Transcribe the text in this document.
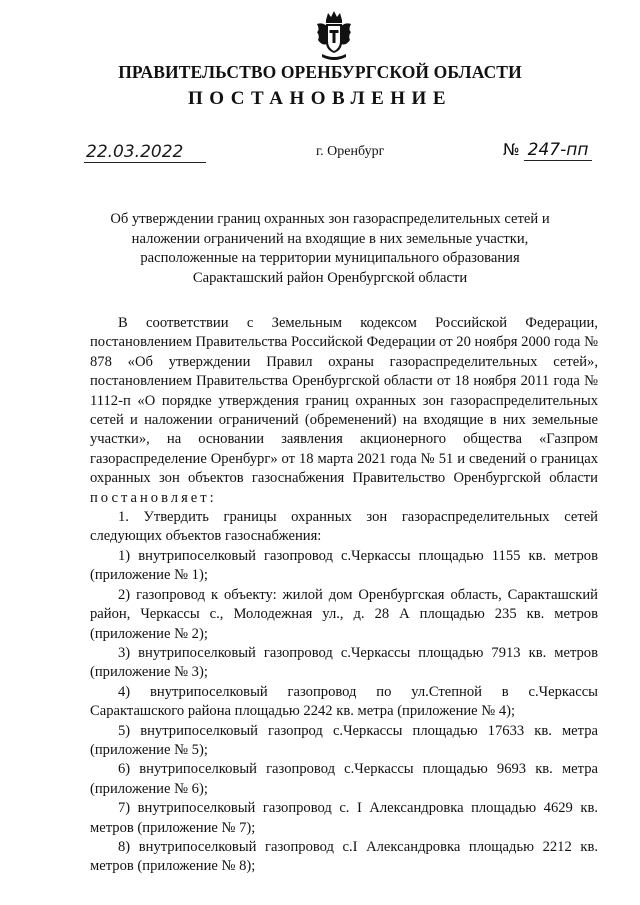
ПРАВИТЕЛЬСТВО ОРЕНБУРГСКОЙ ОБЛАСТИ
ПОСТАНОВЛЕНИЕ
22.03.2022	г. Оренбург	№ 247-пп
Об утверждении границ охранных зон газораспределительных сетей и
наложении ограничений на входящие в них земельные участки,
расположенные на территории муниципального образования
Саракташский район Оренбургской области

В соответствии с Земельным кодексом Российской Федерации, постановлением Правительства Российской Федерации от 20 ноября 2000 года № 878 «Об утверждении Правил охраны газораспределительных сетей», постановлением Правительства Оренбургской области от 18 ноября 2011 года № 1112-п «О порядке утверждения границ охранных зон газораспределительных сетей и наложении ограничений (обременений) на входящие в них земельные участки», на основании заявления акционерного общества «Газпром газораспределение Оренбург» от 18 марта 2021 года № 51 и сведений о границах охранных зон объектов газоснабжения Правительство Оренбургской области постановляет:

1. Утвердить границы охранных зон газораспределительных сетей следующих объектов газоснабжения:

1) внутрипоселковый газопровод с.Черкассы площадью 1155 кв. метров (приложение № 1);

2) газопровод к объекту: жилой дом Оренбургская область, Саракташский район, Черкассы с., Молодежная ул., д. 28 А площадью 235 кв. метров (приложение № 2);

3) внутрипоселковый газопровод с.Черкассы площадью 7913 кв. метров (приложение № 3);

4) внутрипоселковый газопровод по ул.Степной в с.Черкассы Саракташского района площадью 2242 кв. метра (приложение № 4);

5) внутрипоселковый газопрод с.Черкассы площадью 17633 кв. метра (приложение № 5);

6) внутрипоселковый газопровод с.Черкассы площадью 9693 кв. метра (приложение № 6);

7) внутрипоселковый газопровод с. I Александровка площадью 4629 кв. метров (приложение № 7);

8) внутрипоселковый газопровод с.I Александровка площадью 2212 кв. метров (приложение № 8);
